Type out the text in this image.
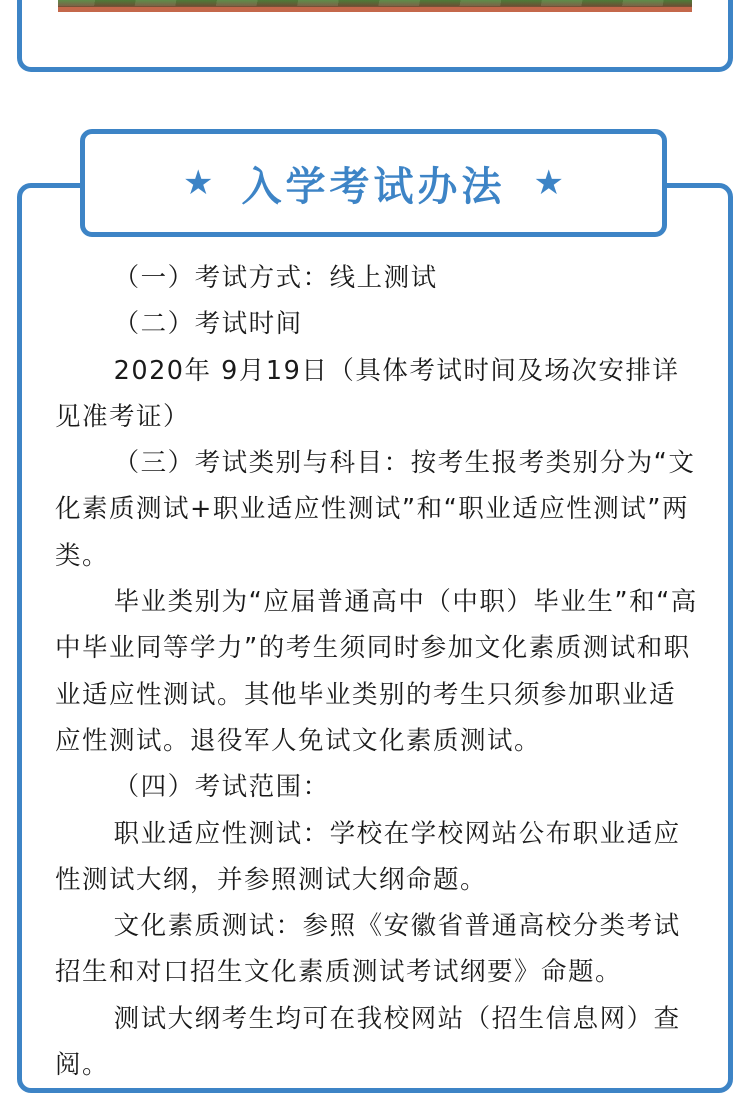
★ 入学考试办法 ★

（一）考试方式：线上测试

（二）考试时间

2020年 9月19日（具体考试时间及场次安排详见准考证）

（三）考试类别与科目：按考生报考类别分为“文化素质测试+职业适应性测试”和“职业适应性测试”两类。

毕业类别为“应届普通高中（中职）毕业生”和“高中毕业同等学力”的考生须同时参加文化素质测试和职业适应性测试。其他毕业类别的考生只须参加职业适应性测试。退役军人免试文化素质测试。

（四）考试范围：

职业适应性测试：学校在学校网站公布职业适应性测试大纲，并参照测试大纲命题。

文化素质测试：参照《安徽省普通高校分类考试招生和对口招生文化素质测试考试纲要》命题。

测试大纲考生均可在我校网站（招生信息网）查阅。
